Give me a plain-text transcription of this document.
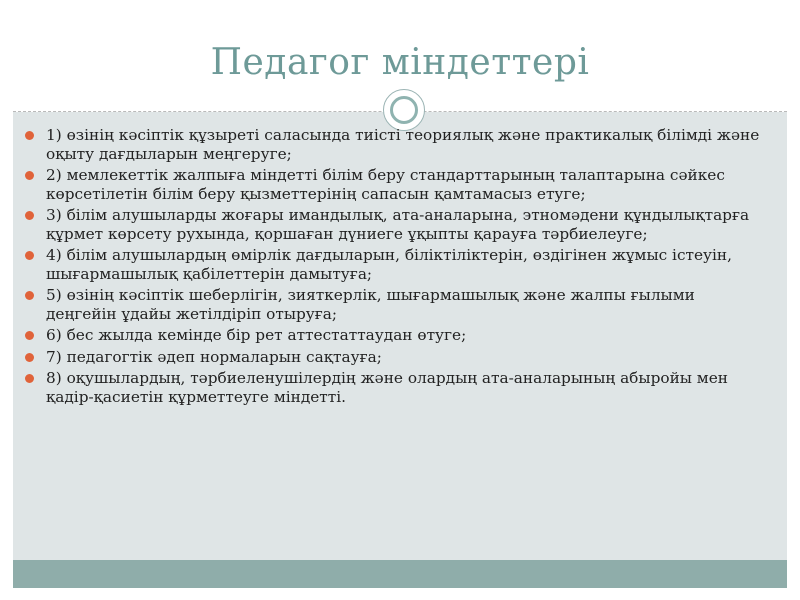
Педагог міндеттері
1) өзінің кәсіптік құзыреті саласында тиісті теориялық және практикалық білімді және оқыту дағдыларын меңгеруге;
2) мемлекеттік жалпыға міндетті білім беру стандарттарының талаптарына сәйкес көрсетілетін білім беру қызметтерінің сапасын қамтамасыз етуге;
3) білім алушыларды жоғары имандылық, ата-аналарына, этномәдени құндылықтарға құрмет көрсету рухында, қоршаған дүниеге ұқыпты қарауға тәрбиелеуге;
4) білім алушылардың өмірлік дағдыларын, біліктіліктерін, өздігінен жұмыс істеуін, шығармашылық қабілеттерін дамытуға;
5) өзінің кәсіптік шеберлігін, зияткерлік, шығармашылық және жалпы ғылыми деңгейін ұдайы жетілдіріп отыруға;
6) бес жылда кемінде бір рет аттестаттаудан өтуге;
7) педагогтік әдеп нормаларын сақтауға;
8) оқушылардың, тәрбиеленушілердің және олардың ата-аналарының абыройы мен қадір-қасиетін құрметтеуге міндетті.
